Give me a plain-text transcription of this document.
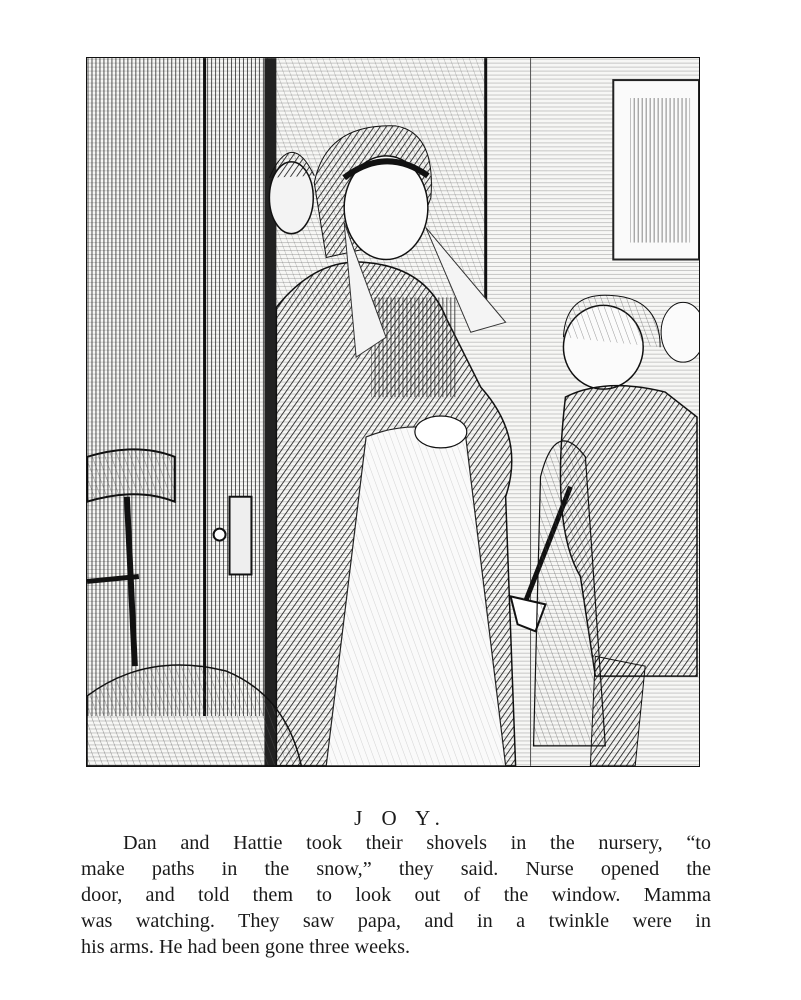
J O Y.

Dan and Hattie took their shovels in the nursery, “to
make paths in the snow,” they said. Nurse opened the
door, and told them to look out of the window. Mamma
was watching. They saw papa, and in a twinkle were in
his arms. He had been gone three weeks.
